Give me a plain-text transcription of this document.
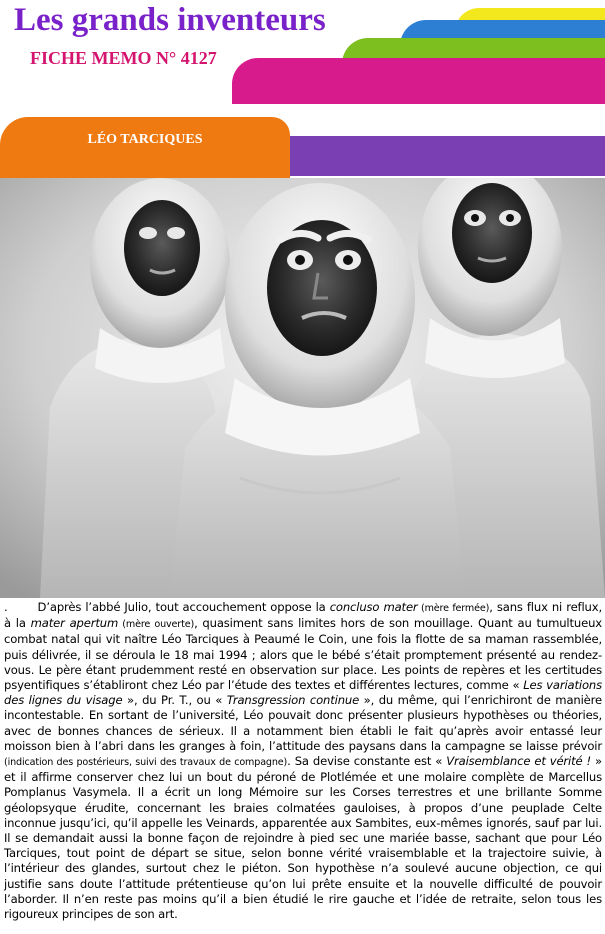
Les grands inventeurs
FICHE MEMO N° 4127
LÉO TARCIQUES
.	D’après l’abbé Julio, tout accouchement oppose la concluso mater (mère fermée), sans flux ni reflux, à la mater apertum (mère ouverte), quasiment sans limites hors de son mouillage. Quant au tumultueux combat natal qui vit naître Léo Tarciques à Peaumé le Coin, une fois la flotte de sa maman rassemblée, puis délivrée, il se déroula le 18 mai 1994 ; alors que le bébé s’était promptement présenté au rendez-vous. Le père étant prudemment resté en observation sur place. Les points de repères et les certitudes psyentifiques s’établiront chez Léo par l’étude des textes et différentes lectures, comme « Les variations des lignes du visage », du Pr. T., ou « Transgression continue », du même, qui l’enrichiront de manière incontestable. En sortant de l’université, Léo pouvait donc présenter plusieurs hypothèses ou théories, avec de bonnes chances de sérieux. Il a notamment bien établi le fait qu’après avoir entassé leur moisson bien à l’abri dans les granges à foin, l’attitude des paysans dans la campagne se laisse prévoir (indication des postérieurs, suivi des travaux de compagne). Sa devise constante est « Vraisemblance et vérité ! » et il affirme conserver chez lui un bout du péroné de Plotlémée et une molaire complète de Marcellus Pomplanus Vasymela. Il a écrit un long Mémoire sur les Corses terrestres et une brillante Somme géolopsyque érudite, concernant les braies colmatées gauloises, à propos d’une peuplade Celte inconnue jusqu’ici, qu’il appelle les Veinards, apparentée aux Sambites, eux-mêmes ignorés, sauf par lui. Il se demandait aussi la bonne façon de rejoindre à pied sec une mariée basse, sachant que pour Léo Tarciques, tout point de départ se situe, selon bonne vérité vraisemblable et la trajectoire suivie, à l’intérieur des glandes, surtout chez le piéton. Son hypothèse n’a soulevé aucune objection, ce qui justifie sans doute l’attitude prétentieuse qu’on lui prête ensuite et la nouvelle difficulté de pouvoir l’aborder. Il n’en reste pas moins qu’il a bien étudié le rire gauche et l’idée de retraite, selon tous les rigoureux principes de son art.
